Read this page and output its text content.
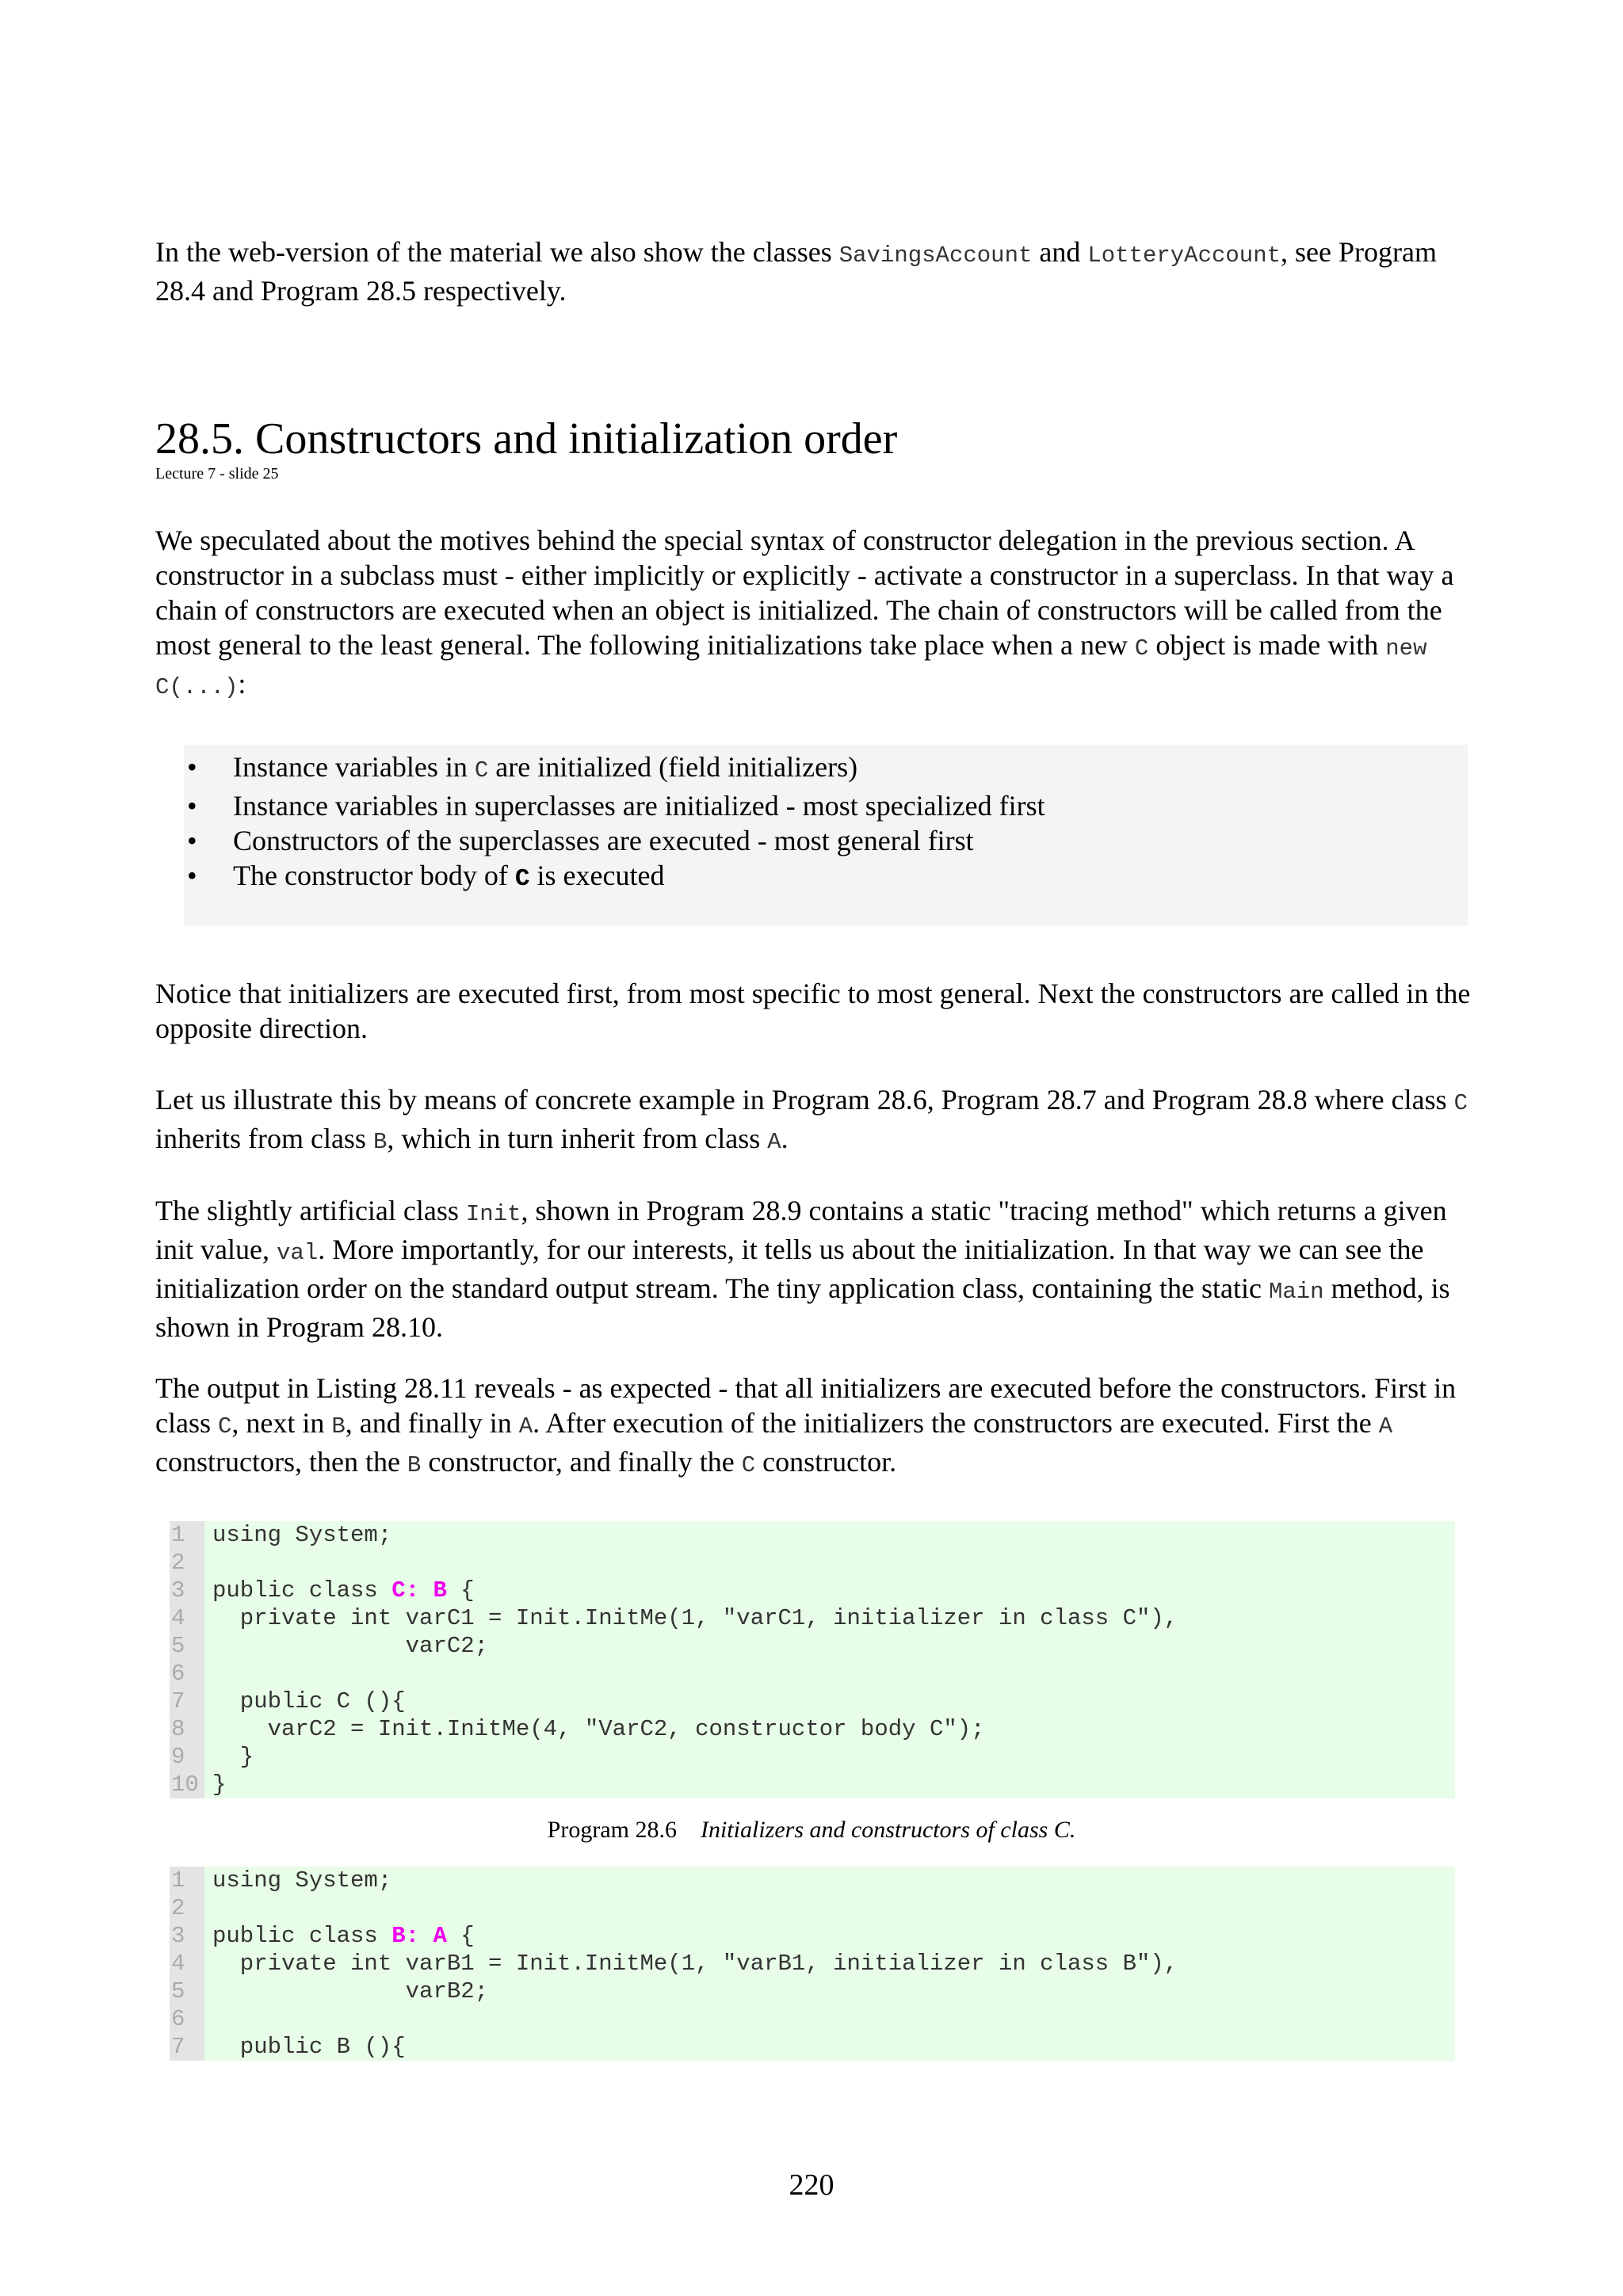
In the web-version of the material we also show the classes SavingsAccount and LotteryAccount, see Program 28.4 and Program 28.5 respectively.

28.5. Constructors and initialization order
Lecture 7 - slide 25

We speculated about the motives behind the special syntax of constructor delegation in the previous section. A constructor in a subclass must - either implicitly or explicitly - activate a constructor in a superclass. In that way a chain of constructors are executed when an object is initialized. The chain of constructors will be called from the most general to the least general. The following initializations take place when a new C object is made with new C(...):

• Instance variables in C are initialized (field initializers)
• Instance variables in superclasses are initialized - most specialized first
• Constructors of the superclasses are executed - most general first
• The constructor body of C is executed

Notice that initializers are executed first, from most specific to most general. Next the constructors are called in the opposite direction.

Let us illustrate this by means of concrete example in Program 28.6, Program 28.7 and Program 28.8 where class C inherits from class B, which in turn inherit from class A.

The slightly artificial class Init, shown in Program 28.9 contains a static "tracing method" which returns a given init value, val. More importantly, for our interests, it tells us about the initialization. In that way we can see the initialization order on the standard output stream. The tiny application class, containing the static Main method, is shown in Program 28.10.

The output in Listing 28.11 reveals - as expected - that all initializers are executed before the constructors. First in class C, next in B, and finally in A. After execution of the initializers the constructors are executed. First the A constructors, then the B constructor, and finally the C constructor.

1	using System;
2
3	public class C: B {
4	private int varC1 = Init.InitMe(1, "varC1, initializer in class C"),
5	varC2;
6
7	public C (){
8	varC2 = Init.InitMe(4, "VarC2, constructor body C");
9	}
10 }
Program 28.6 Initializers and constructors of class C.
1	using System;
2
3	public class B: A {
4	private int varB1 = Init.InitMe(1, "varB1, initializer in class B"),
5	varB2;
6
7	public B (){
220
